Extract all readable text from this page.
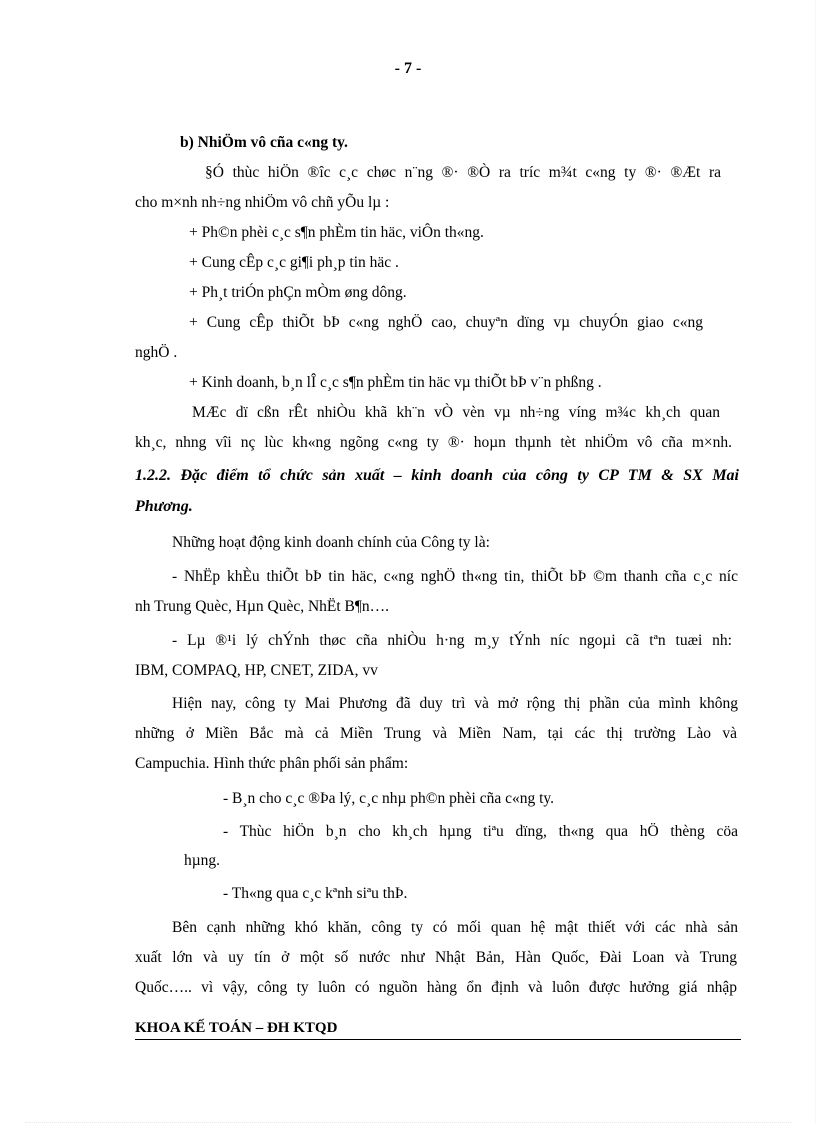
- 7 -
b) NhiÖm vô cña c«ng ty.
§Ó thùc hiÖn ®îc c¸c chøc n¨ng ®· ®Ò ra tríc m¾t c«ng ty ®· ®Æt ra
cho m×nh nh÷ng nhiÖm vô chñ yÕu lµ :
+ Ph©n phèi c¸c s¶n phÈm tin häc, viÔn th«ng.
+ Cung cÊp c¸c gi¶i ph¸p tin häc .
+ Ph¸t triÓn phÇn mÒm øng dông.
+ Cung cÊp thiÕt bÞ c«ng nghÖ cao, chuyªn dïng vµ chuyÓn giao c«ng
nghÖ .
+ Kinh doanh, b¸n lÎ c¸c s¶n phÈm tin häc vµ thiÕt bÞ v¨n phßng .
MÆc dï cßn rÊt nhiÒu khã kh¨n vÒ vèn vµ nh÷ng víng m¾c kh¸ch quan
kh¸c, nhng vîi nç lùc kh«ng ngõng c«ng ty ®· hoµn thµnh tèt nhiÖm vô cña m×nh.
1.2.2. Đặc điểm tổ chức sản xuất – kinh doanh của công ty CP TM & SX Mai
Phương.
Những hoạt động kinh doanh chính của Công ty là:
- NhËp khÈu thiÕt bÞ tin häc, c«ng nghÖ th«ng tin, thiÕt bÞ ©m thanh cña c¸c níc
nh Trung Quèc, Hµn Quèc, NhËt B¶n….
- Lµ ®¹i lý chÝnh thøc cña nhiÒu h·ng m¸y tÝnh níc ngoµi cã tªn tuæi nh:
IBM, COMPAQ, HP, CNET, ZIDA, vv
Hiện nay, công ty Mai Phương đã duy trì và mở rộng thị phần của mình không
những ở Miền Bắc mà cả Miền Trung và Miền Nam, tại các thị trường Lào và
Campuchia. Hình thức phân phối sản phẩm:
- B¸n cho c¸c ®Þa lý, c¸c nhµ ph©n phèi cña c«ng ty.
- Thùc hiÖn b¸n cho kh¸ch hµng tiªu dïng, th«ng qua hÖ thèng cöa
hµng.
- Th«ng qua c¸c kªnh siªu thÞ.
Bên cạnh những khó khăn, công ty có mối quan hệ mật thiết với các nhà sản
xuất lớn và uy tín ở một số nước như Nhật Bản, Hàn Quốc, Đài Loan và Trung
Quốc….. vì vậy, công ty luôn có nguồn hàng ổn định và luôn được hưởng giá nhập
KHOA KẾ TOÁN – ĐH KTQD
